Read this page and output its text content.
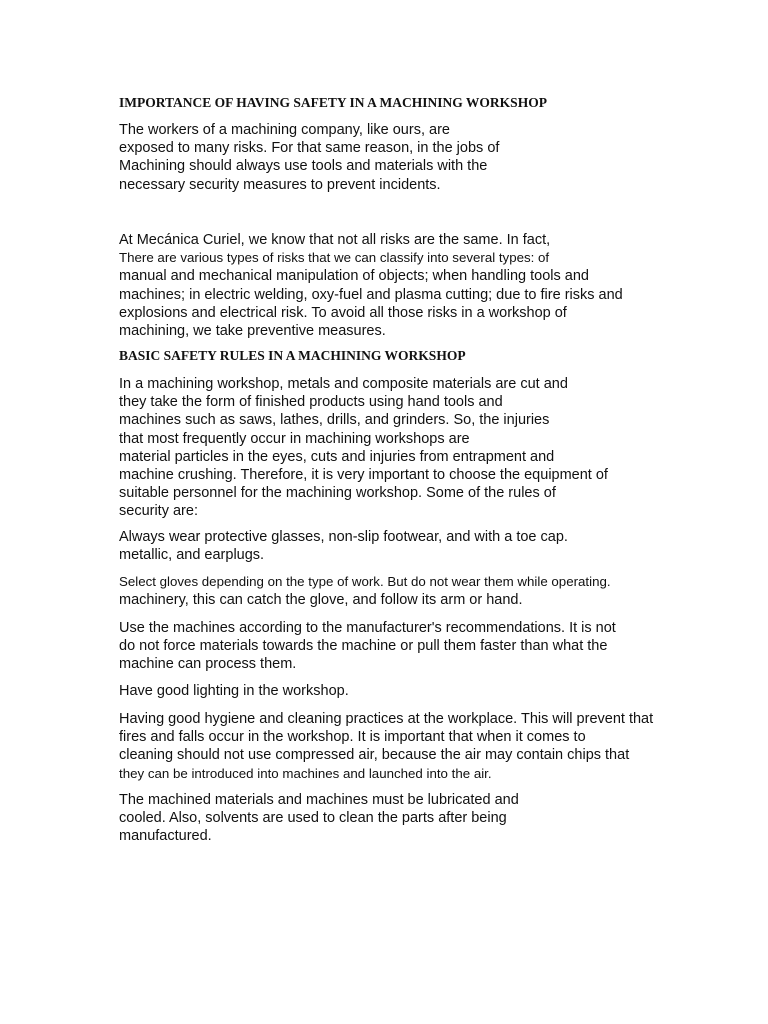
IMPORTANCE OF HAVING SAFETY IN A MACHINING WORKSHOP
The workers of a machining company, like ours, are
exposed to many risks. For that same reason, in the jobs of
Machining should always use tools and materials with the
necessary security measures to prevent incidents.
At Mecánica Curiel, we know that not all risks are the same. In fact,
There are various types of risks that we can classify into several types: of
manual and mechanical manipulation of objects; when handling tools and
machines; in electric welding, oxy-fuel and plasma cutting; due to fire risks and
explosions and electrical risk. To avoid all those risks in a workshop of
machining, we take preventive measures.
BASIC SAFETY RULES IN A MACHINING WORKSHOP
In a machining workshop, metals and composite materials are cut and
they take the form of finished products using hand tools and
machines such as saws, lathes, drills, and grinders. So, the injuries
that most frequently occur in machining workshops are
material particles in the eyes, cuts and injuries from entrapment and
machine crushing. Therefore, it is very important to choose the equipment of
suitable personnel for the machining workshop. Some of the rules of
security are:
Always wear protective glasses, non-slip footwear, and with a toe cap.
metallic, and earplugs.
Select gloves depending on the type of work. But do not wear them while operating.
machinery, this can catch the glove, and follow its arm or hand.
Use the machines according to the manufacturer's recommendations. It is not
do not force materials towards the machine or pull them faster than what the
machine can process them.
Have good lighting in the workshop.
Having good hygiene and cleaning practices at the workplace. This will prevent that
fires and falls occur in the workshop. It is important that when it comes to
cleaning should not use compressed air, because the air may contain chips that
they can be introduced into machines and launched into the air.
The machined materials and machines must be lubricated and
cooled. Also, solvents are used to clean the parts after being
manufactured.
